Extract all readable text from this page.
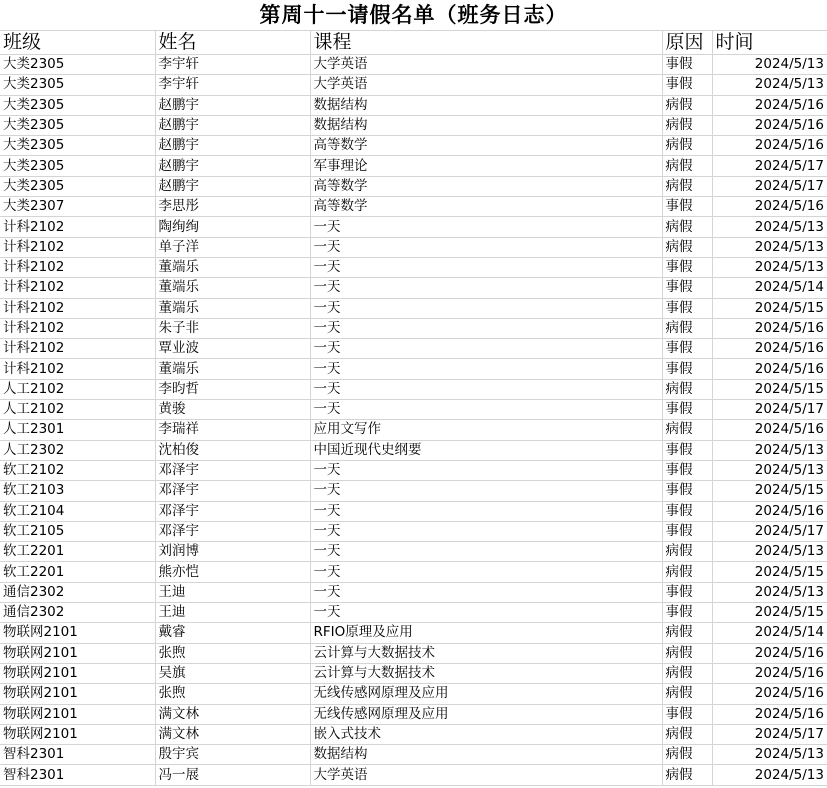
第周十一请假名单（班务日志）
班级	姓名	课程	原因	时间
大类2305	李宇轩	大学英语	事假	2024/5/13
大类2305	李宇轩	大学英语	事假	2024/5/13
大类2305	赵鹏宇	数据结构	病假	2024/5/16
大类2305	赵鹏宇	数据结构	病假	2024/5/16
大类2305	赵鹏宇	高等数学	病假	2024/5/16
大类2305	赵鹏宇	军事理论	病假	2024/5/17
大类2305	赵鹏宇	高等数学	病假	2024/5/17
大类2307	李思彤	高等数学	事假	2024/5/16
计科2102	陶绚绚	一天	病假	2024/5/13
计科2102	单子洋	一天	病假	2024/5/13
计科2102	董端乐	一天	事假	2024/5/13
计科2102	董端乐	一天	事假	2024/5/14
计科2102	董端乐	一天	事假	2024/5/15
计科2102	朱子非	一天	病假	2024/5/16
计科2102	覃业波	一天	事假	2024/5/16
计科2102	董端乐	一天	事假	2024/5/16
人工2102	李昀哲	一天	病假	2024/5/15
人工2102	黄骏	一天	事假	2024/5/17
人工2301	李瑞祥	应用文写作	病假	2024/5/16
人工2302	沈柏俊	中国近现代史纲要	事假	2024/5/13
软工2102	邓泽宇	一天	事假	2024/5/13
软工2103	邓泽宇	一天	事假	2024/5/15
软工2104	邓泽宇	一天	事假	2024/5/16
软工2105	邓泽宇	一天	事假	2024/5/17
软工2201	刘润博	一天	病假	2024/5/13
软工2201	熊亦恺	一天	病假	2024/5/15
通信2302	王迪	一天	事假	2024/5/13
通信2302	王迪	一天	事假	2024/5/15
物联网2101	戴睿	RFIO原理及应用	病假	2024/5/14
物联网2101	张煦	云计算与大数据技术	病假	2024/5/16
物联网2101	吴旗	云计算与大数据技术	病假	2024/5/16
物联网2101	张煦	无线传感网原理及应用	病假	2024/5/16
物联网2101	满文林	无线传感网原理及应用	事假	2024/5/16
物联网2101	满文林	嵌入式技术	病假	2024/5/17
智科2301	殷宇宾	数据结构	病假	2024/5/13
智科2301	冯一展	大学英语	病假	2024/5/13
